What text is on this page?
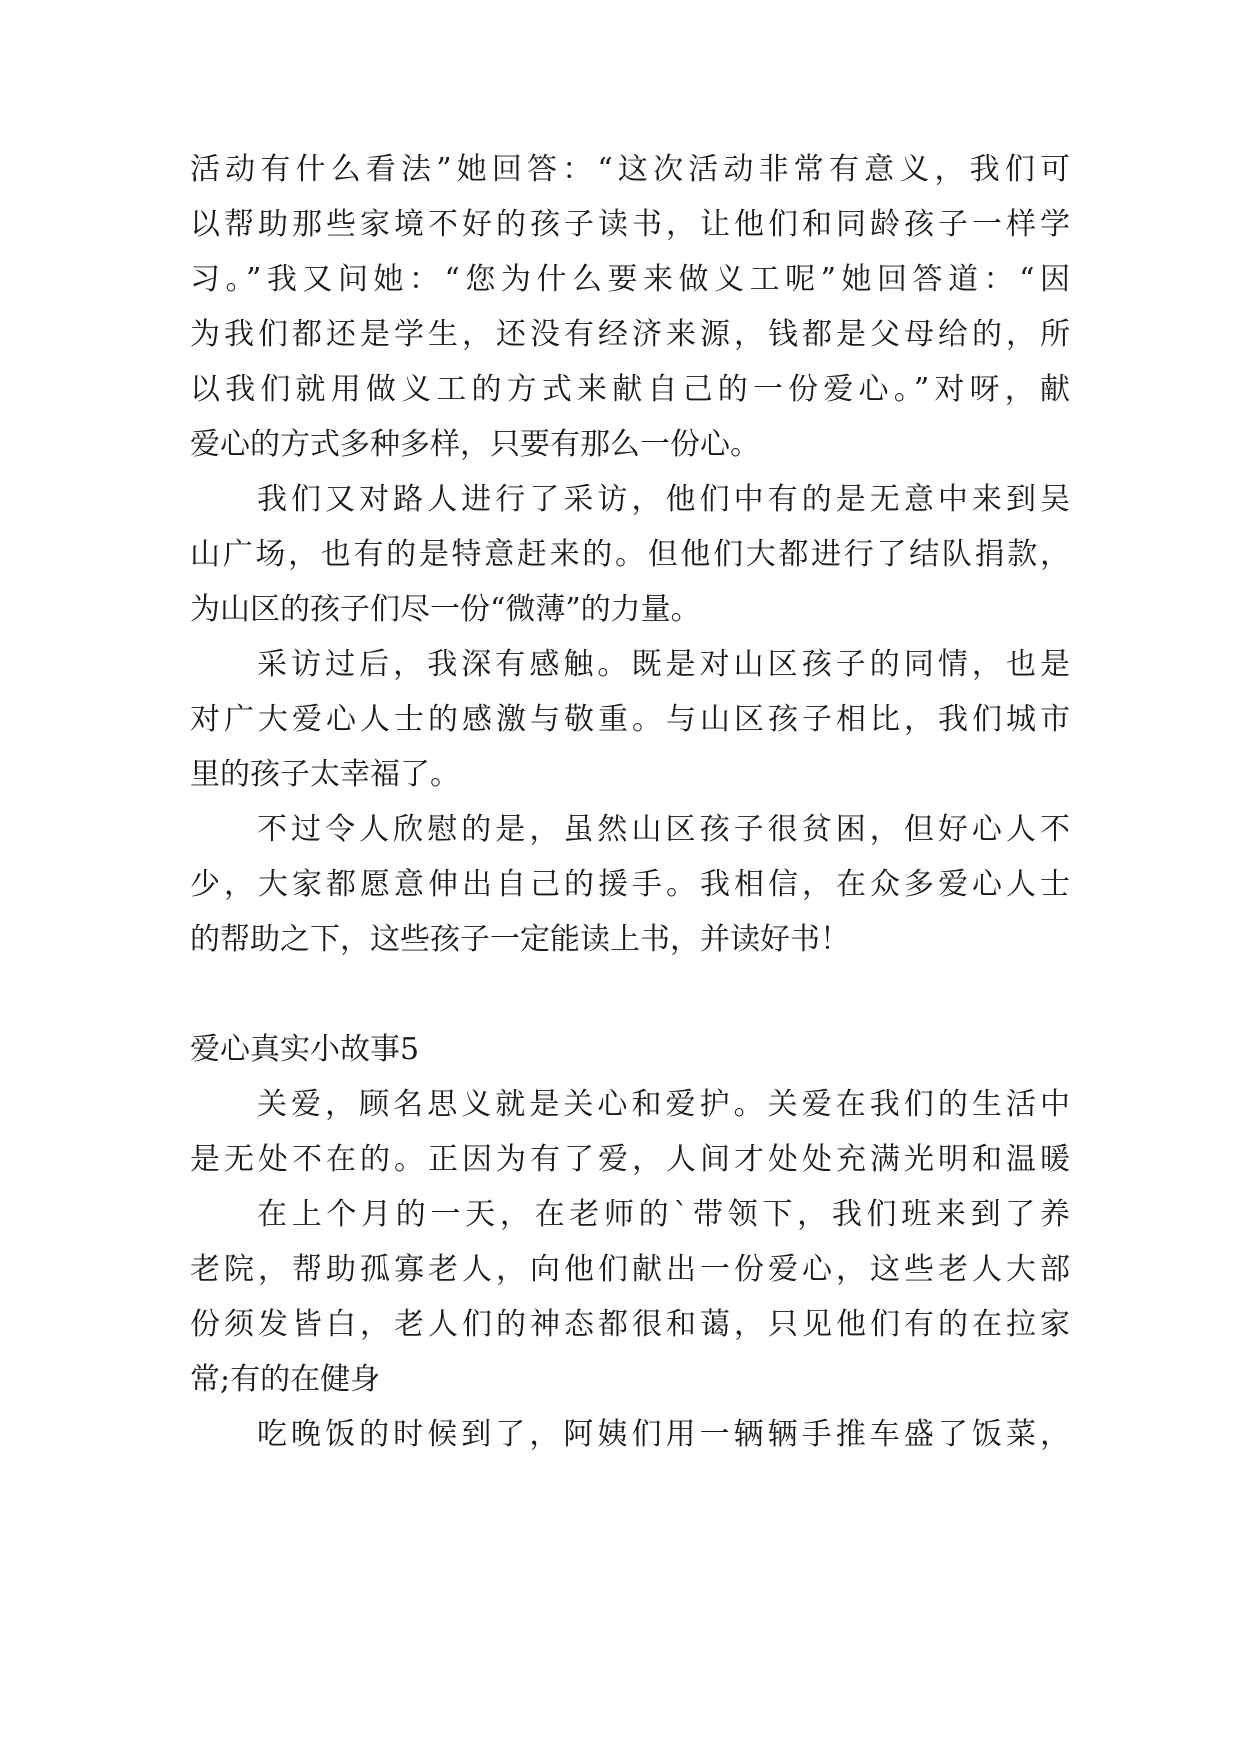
活动有什么看法”她回答：“这次活动非常有意义，我们可
以帮助那些家境不好的孩子读书，让他们和同龄孩子一样学
习。”我又问她：“您为什么要来做义工呢”她回答道：“因
为我们都还是学生，还没有经济来源，钱都是父母给的，所
以我们就用做义工的方式来献自己的一份爱心。”对呀，献
爱心的方式多种多样，只要有那么一份心。
我们又对路人进行了采访，他们中有的是无意中来到吴
山广场，也有的是特意赶来的。但他们大都进行了结队捐款，
为山区的孩子们尽一份“微薄”的力量。
采访过后，我深有感触。既是对山区孩子的同情，也是
对广大爱心人士的感激与敬重。与山区孩子相比，我们城市
里的孩子太幸福了。
不过令人欣慰的是，虽然山区孩子很贫困，但好心人不
少，大家都愿意伸出自己的援手。我相信，在众多爱心人士
的帮助之下，这些孩子一定能读上书，并读好书！
爱心真实小故事5
关爱，顾名思义就是关心和爱护。关爱在我们的生活中
是无处不在的。正因为有了爱，人间才处处充满光明和温暖
在上个月的一天，在老师的`带领下，我们班来到了养
老院，帮助孤寡老人，向他们献出一份爱心，这些老人大部
份须发皆白，老人们的神态都很和蔼，只见他们有的在拉家
常;有的在健身
吃晚饭的时候到了，阿姨们用一辆辆手推车盛了饭菜，
